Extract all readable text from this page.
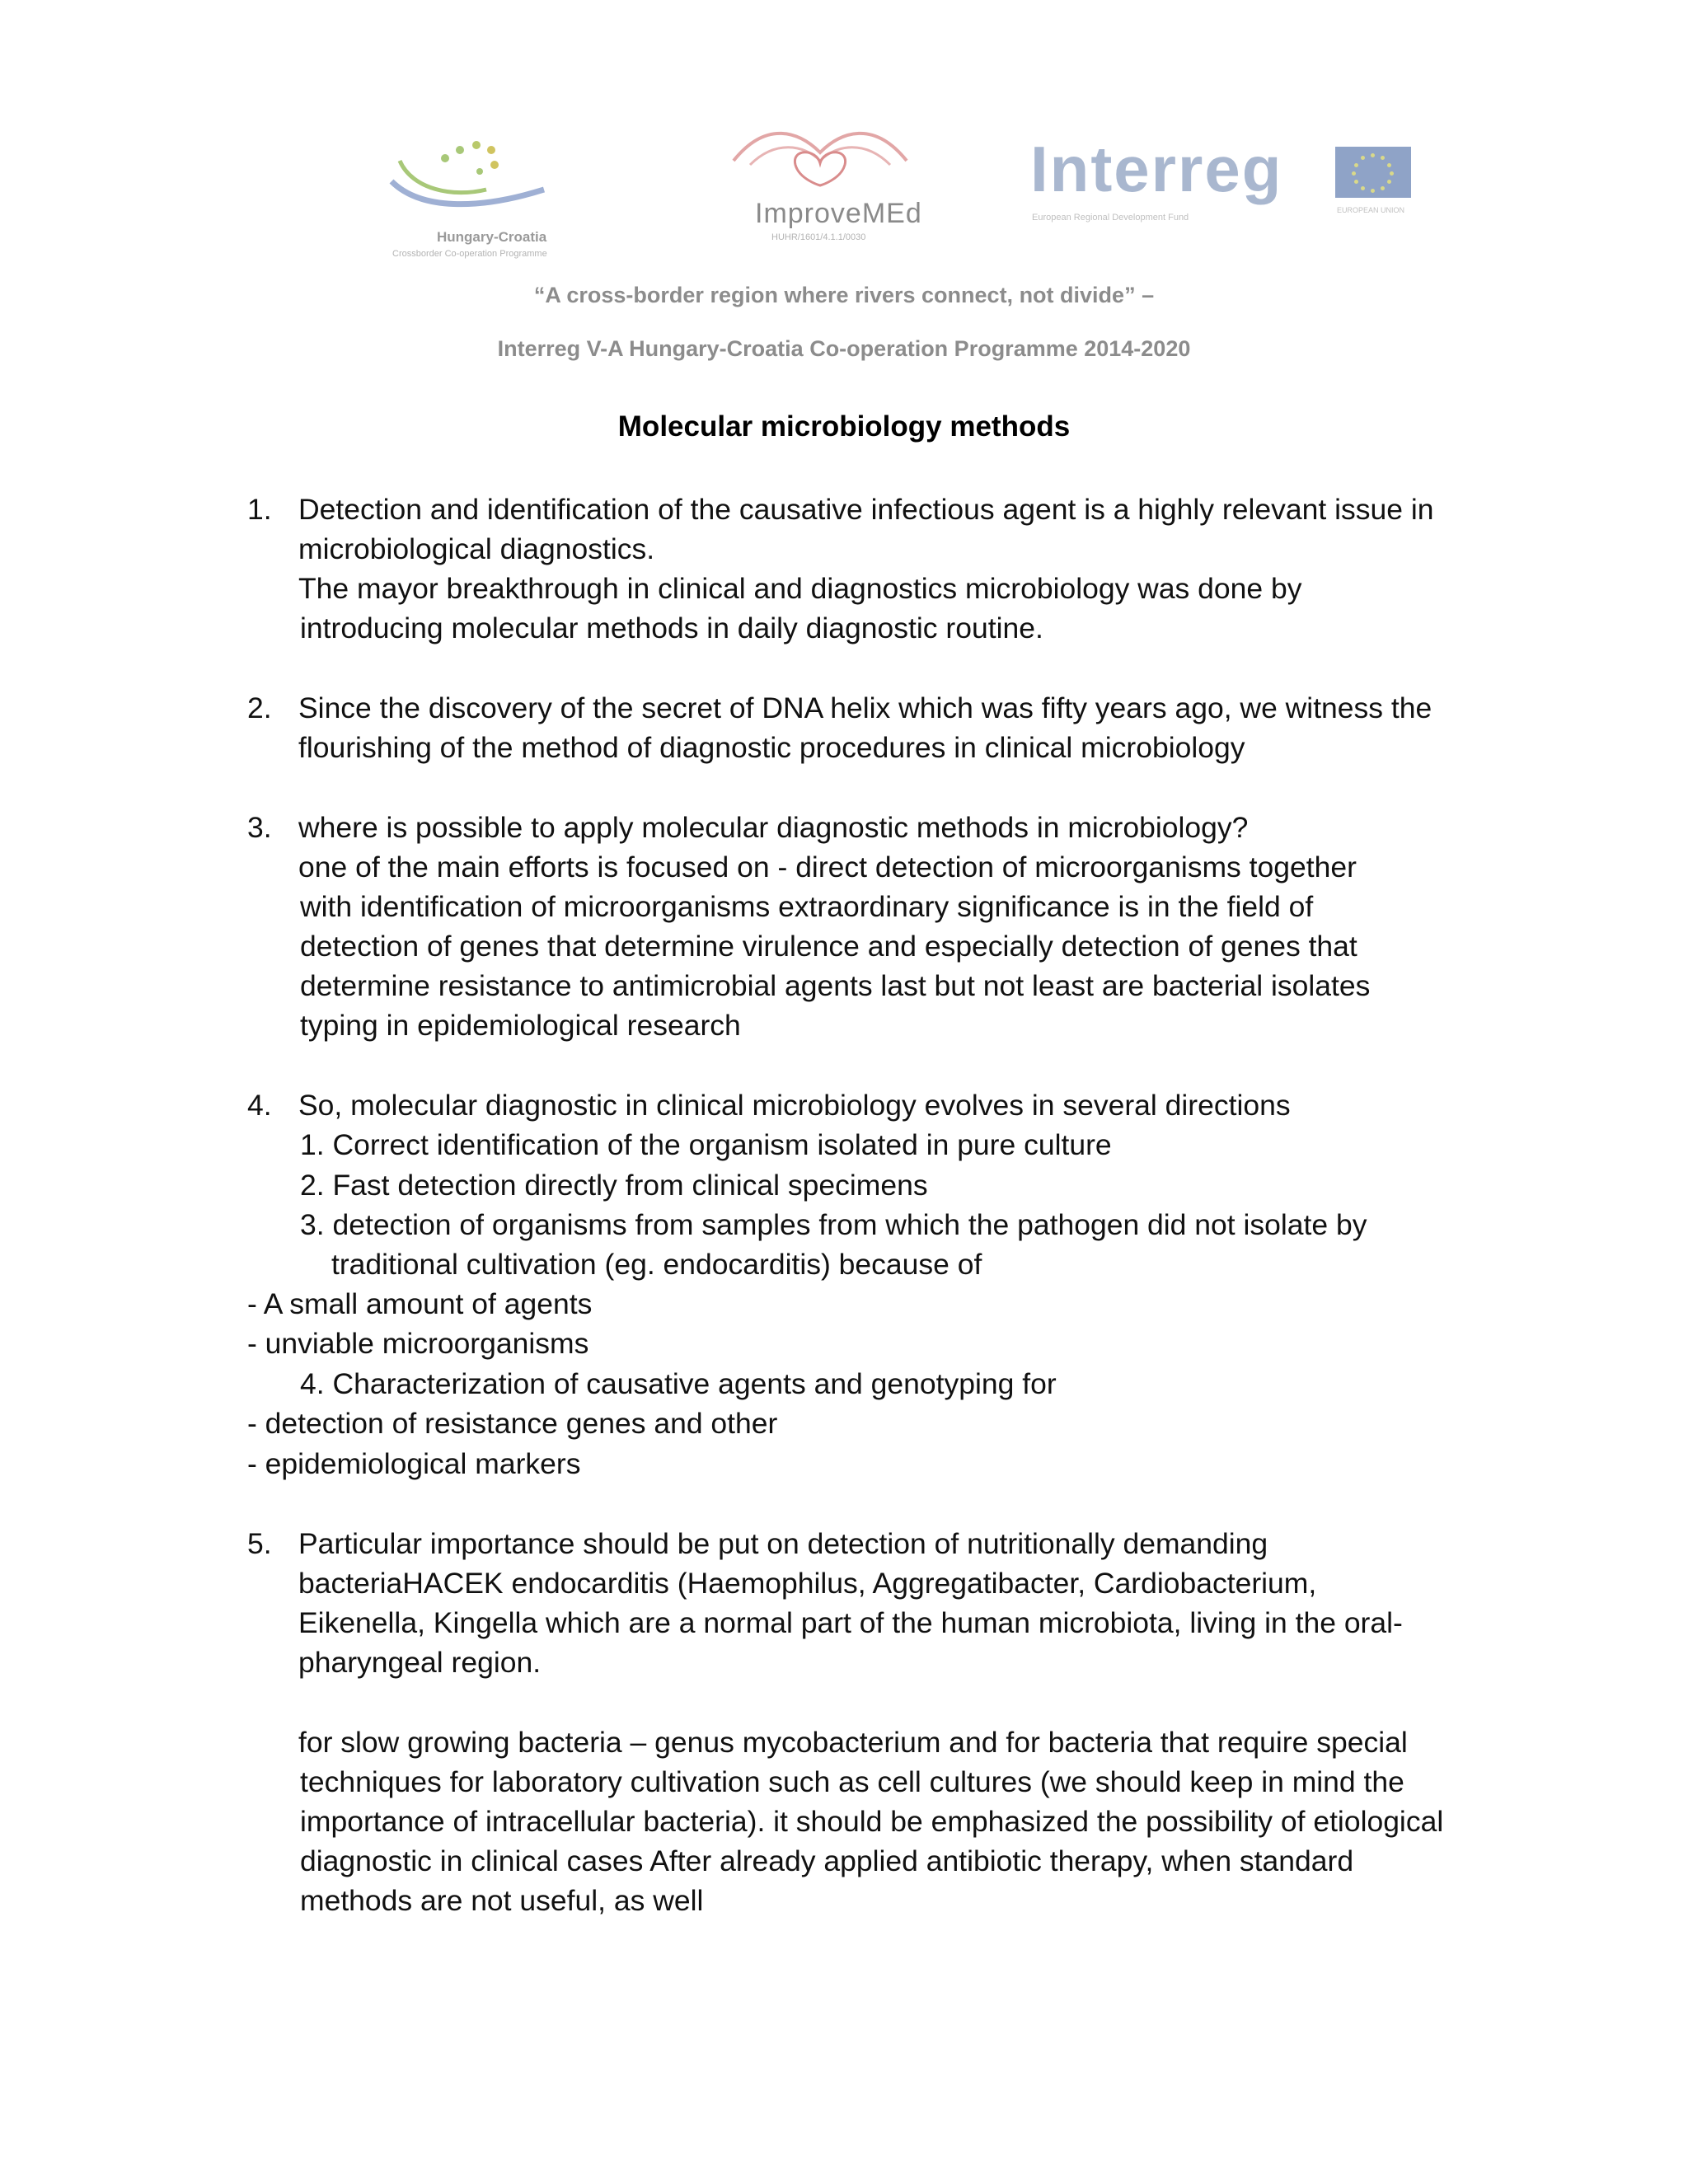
Hungary-Croatia
Crossborder Co-operation Programme
ImproveMEd
HUHR/1601/4.1.1/0030
Interreg
European Regional Development Fund
EUROPEAN UNION
“A cross-border region where rivers connect, not divide” –
Interreg V-A Hungary-Croatia Co-operation Programme 2014-2020
Molecular microbiology methods
1. Detection and identification of the causative infectious agent is a highly relevant issue in
microbiological diagnostics.
The mayor breakthrough in clinical and diagnostics microbiology was done by
introducing molecular methods in daily diagnostic routine.
2. Since the discovery of the secret of DNA helix which was fifty years ago, we witness the
flourishing of the method of diagnostic procedures in clinical microbiology
3. where is possible to apply molecular diagnostic methods in microbiology?
one of the main efforts is focused on - direct detection of microorganisms together
with identification of microorganisms extraordinary significance is in the field of
detection of genes that determine virulence and especially detection of genes that
determine resistance to antimicrobial agents last but not least are bacterial isolates
typing in epidemiological research
4. So, molecular diagnostic in clinical microbiology evolves in several directions
1. Correct identification of the organism isolated in pure culture
2. Fast detection directly from clinical specimens
3. detection of organisms from samples from which the pathogen did not isolate by
traditional cultivation (eg. endocarditis) because of
- A small amount of agents
- unviable microorganisms
4. Characterization of causative agents and genotyping for
- detection of resistance genes and other
- epidemiological markers
5. Particular importance should be put on detection of nutritionally demanding
bacteriaHACEK endocarditis (Haemophilus, Aggregatibacter, Cardiobacterium,
Eikenella, Kingella which are a normal part of the human microbiota, living in the oral-
pharyngeal region.
for slow growing bacteria – genus mycobacterium and for bacteria that require special
techniques for laboratory cultivation such as cell cultures (we should keep in mind the
importance of intracellular bacteria). it should be emphasized the possibility of etiological
diagnostic in clinical cases After already applied antibiotic therapy, when standard
methods are not useful, as well
